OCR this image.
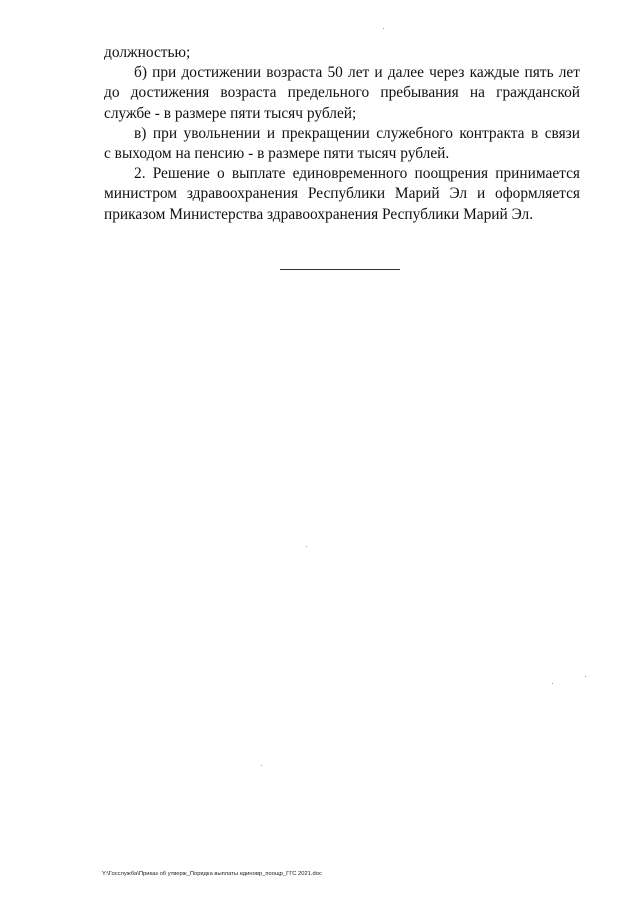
должностью;

б) при достижении возраста 50 лет и далее через каждые пять лет
до достижения возраста предельного пребывания на гражданской
службе - в размере пяти тысяч рублей;

в) при увольнении и прекращении служебного контракта в связи
с выходом на пенсию - в размере пяти тысяч рублей.

2. Решение о выплате единовременного поощрения принимается
министром здравоохранения Республики Марий Эл и оформляется
приказом Министерства здравоохранения Республики Марий Эл.

Y:\Госслужба\Приказ об утверж_Порядка выплаты единовр_поощр_ГГС 2021.doc
